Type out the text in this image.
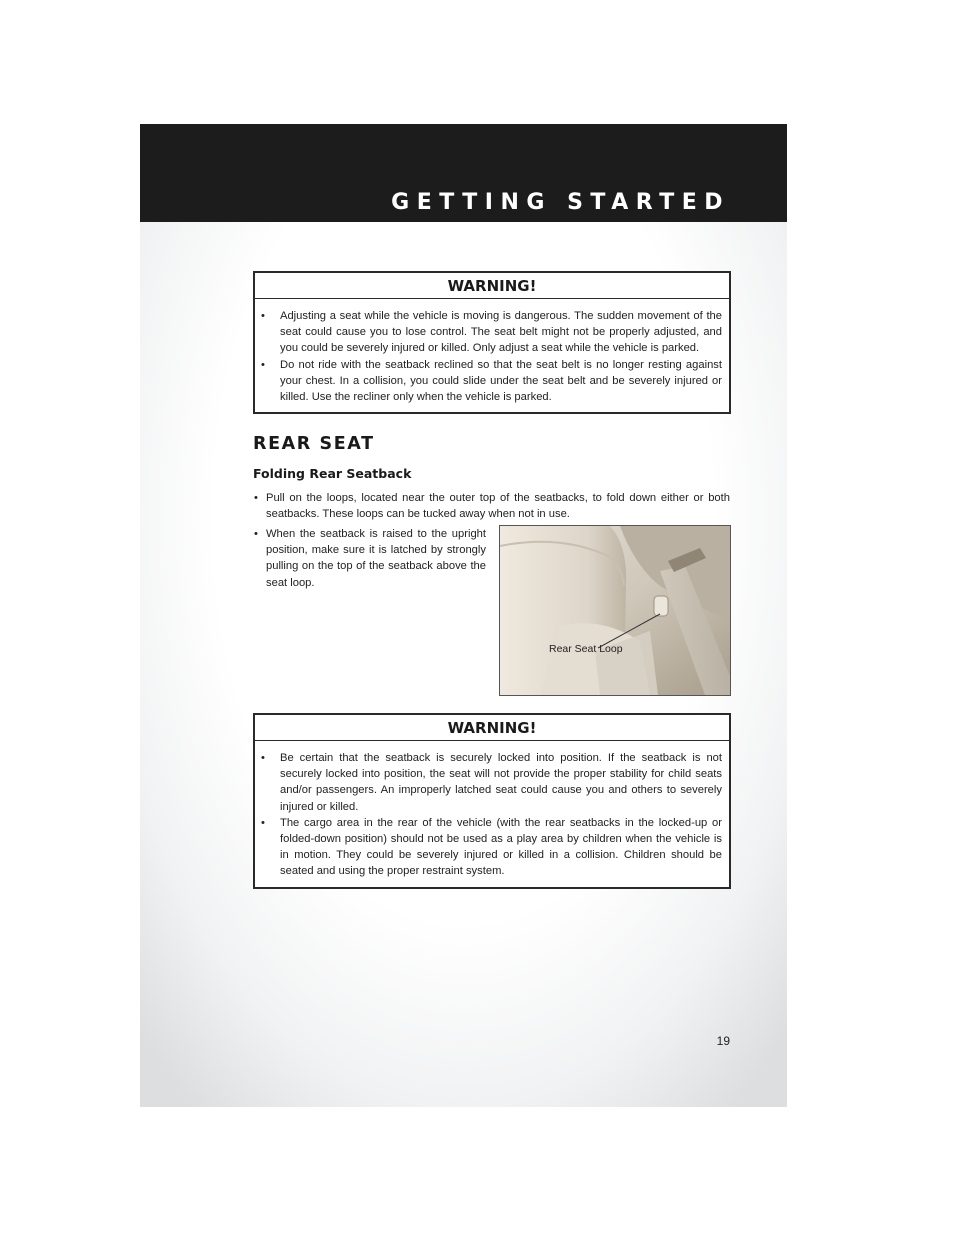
GETTING STARTED
WARNING!
• Adjusting a seat while the vehicle is moving is dangerous. The sudden movement of the seat could cause you to lose control. The seat belt might not be properly adjusted, and you could be severely injured or killed. Only adjust a seat while the vehicle is parked.
• Do not ride with the seatback reclined so that the seat belt is no longer resting against your chest. In a collision, you could slide under the seat belt and be severely injured or killed. Use the recliner only when the vehicle is parked.
REAR SEAT
Folding Rear Seatback
• Pull on the loops, located near the outer top of the seatbacks, to fold down either or both seatbacks. These loops can be tucked away when not in use.
• When the seatback is raised to the upright position, make sure it is latched by strongly pulling on the top of the seatback above the seat loop.
Rear Seat Loop
WARNING!
• Be certain that the seatback is securely locked into position. If the seatback is not securely locked into position, the seat will not provide the proper stability for child seats and/or passengers. An improperly latched seat could cause you and others to severely injured or killed.
• The cargo area in the rear of the vehicle (with the rear seatbacks in the locked-up or folded-down position) should not be used as a play area by children when the vehicle is in motion. They could be severely injured or killed in a collision. Children should be seated and using the proper restraint system.
19
